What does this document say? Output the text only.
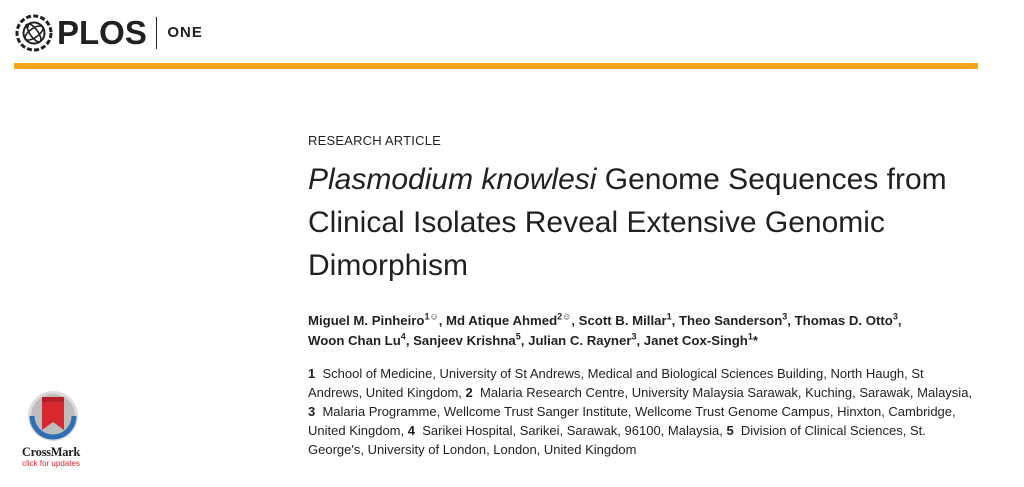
PLOS ONE

RESEARCH ARTICLE

Plasmodium knowlesi Genome Sequences from Clinical Isolates Reveal Extensive Genomic Dimorphism
Miguel M. Pinheiro$^{1☺}$, Md Atique Ahmed$^{2☺}$, Scott B. Millar$^1$, Theo Sanderson$^3$, Thomas D. Otto$^3$, Woon Chan Lu$^4$, Sanjeev Krishna$^5$, Julian C. Rayner$^3$, Janet Cox-Singh$^1$*
1 School of Medicine, University of St Andrews, Medical and Biological Sciences Building, North Haugh, St Andrews, United Kingdom, 2 Malaria Research Centre, University Malaysia Sarawak, Kuching, Sarawak, Malaysia, 3 Malaria Programme, Wellcome Trust Sanger Institute, Wellcome Trust Genome Campus, Hinxton, Cambridge, United Kingdom, 4 Sarikei Hospital, Sarikei, Sarawak, 96100, Malaysia, 5 Division of Clinical Sciences, St. George's, University of London, London, United Kingdom
CrossMark
click for updates
